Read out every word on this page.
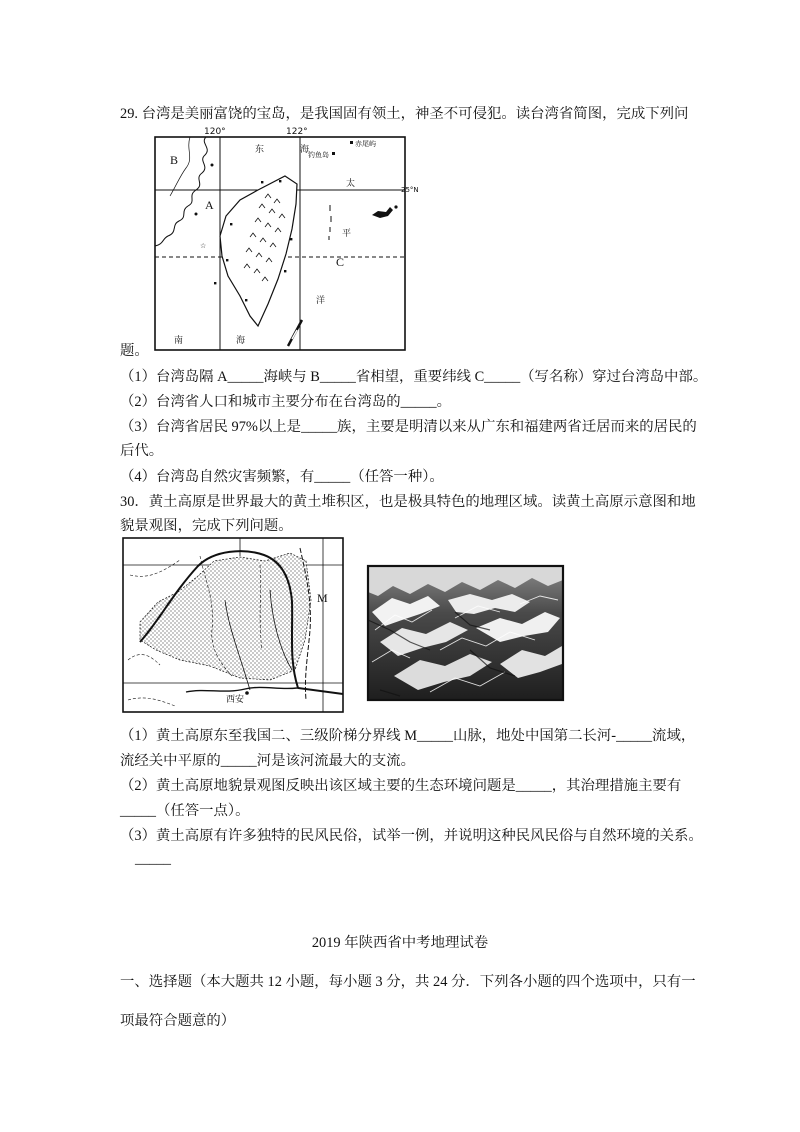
29. 台湾是美丽富饶的宝岛，是我国固有领土，神圣不可侵犯。读台湾省简图，完成下列问
☆
120°	122°
B
A
C
25°N
东	海
太
平
洋
南	海
钓鱼岛
赤尾屿
题。
（1）台湾岛隔 A_____海峡与 B_____省相望，重要纬线 C_____（写名称）穿过台湾岛中部。
（2）台湾省人口和城市主要分布在台湾岛的_____。
（3）台湾省居民 97%以上是_____族，主要是明清以来从广东和福建两省迁居而来的居民的
后代。
（4）台湾岛自然灾害频繁，有_____（任答一种）。
30．黄土高原是世界最大的黄土堆积区，也是极具特色的地理区域。读黄土高原示意图和地
貌景观图，完成下列问题。
M
西安
（1）黄土高原东至我国二、三级阶梯分界线 M_____山脉，地处中国第二长河-_____流域，
流经关中平原的_____河是该河流最大的支流。
（2）黄土高原地貌景观图反映出该区域主要的生态环境问题是_____，其治理措施主要有
_____（任答一点）。
（3）黄土高原有许多独特的民风民俗，试举一例，并说明这种民风民俗与自然环境的关系。
_____
2019 年陕西省中考地理试卷
一、选择题（本大题共 12 小题，每小题 3 分，共 24 分．下列各小题的四个选项中，只有一
项最符合题意的）
